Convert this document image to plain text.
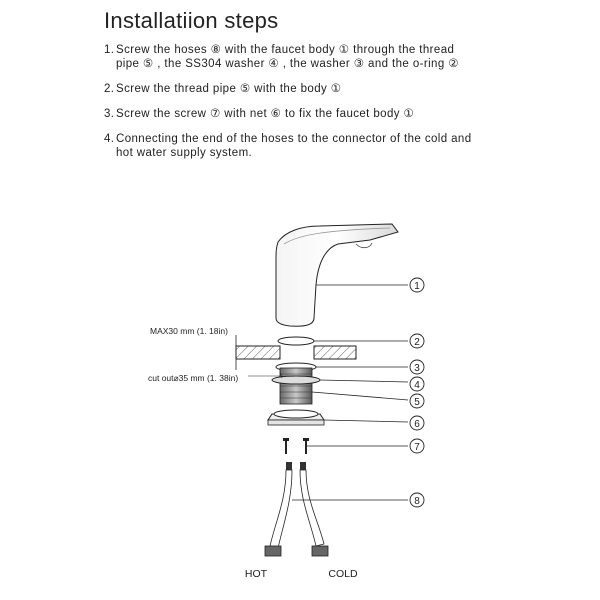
Installatiion steps
1. Screw the hoses ⑧ with the faucet body ① through the thread
pipe ⑤ , the SS304 washer ④ , the washer ③ and the o-ring ②
2. Screw the thread pipe ⑤ with the body ①
3. Screw the screw ⑦ with net ⑥ to fix the faucet body ①
4. Connecting the end of the hoses to the connector of the cold and
hot water supply system.
MAX30 mm (1. 18in)
cut out⌀35 mm (1. 38in)
1
2
3
4
5
6
7
8
HOT	COLD
